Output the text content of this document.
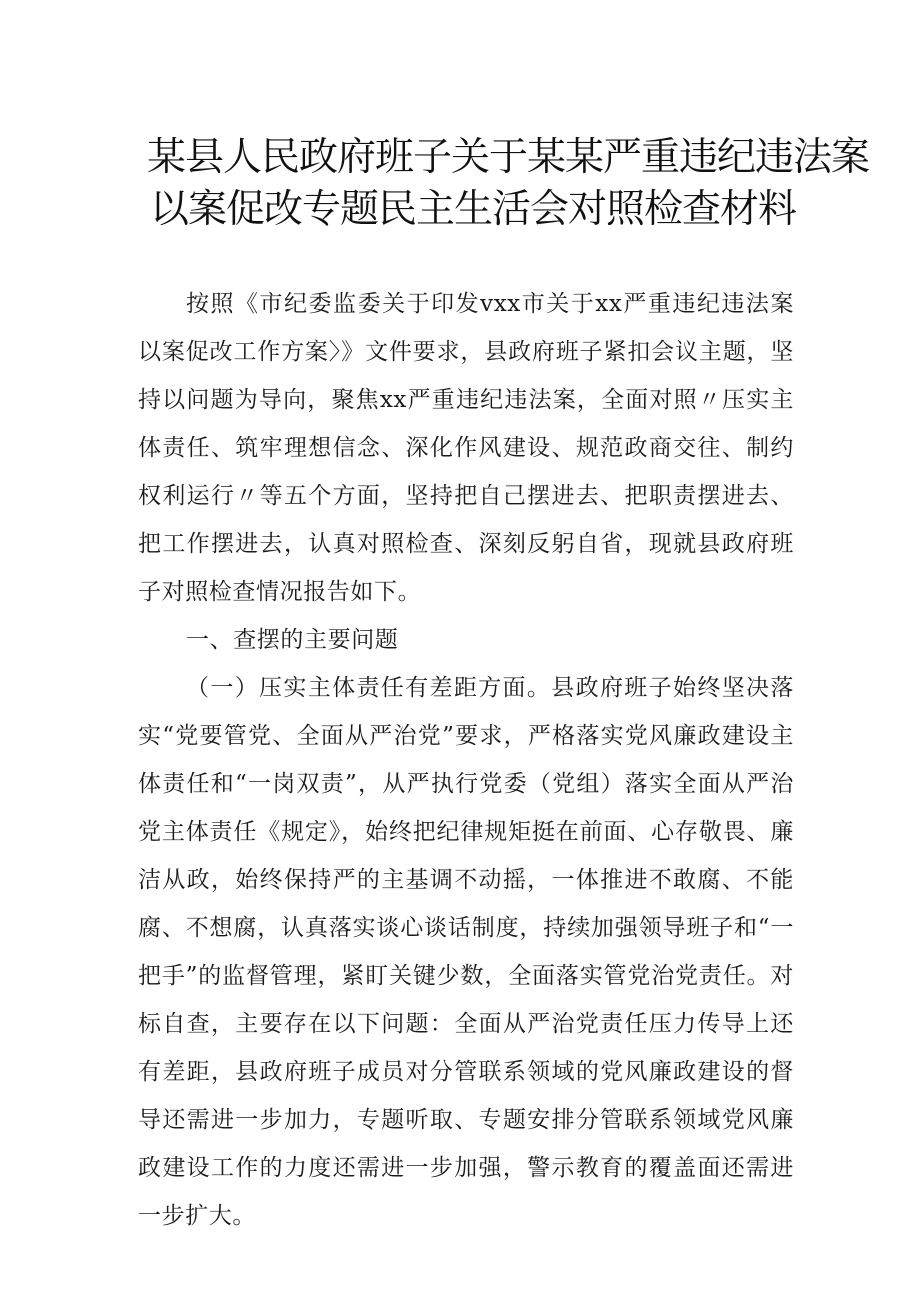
某县人民政府班子关于某某严重违纪违法案
以案促改专题民主生活会对照检查材料

按照《市纪委监委关于印发vxx市关于xx严重违纪违法案以案促改工作方案〉》文件要求，县政府班子紧扣会议主题，坚持以问题为导向，聚焦xx严重违纪违法案，全面对照〃压实主体责任、筑牢理想信念、深化作风建设、规范政商交往、制约权利运行〃等五个方面，坚持把自己摆进去、把职责摆进去、把工作摆进去，认真对照检查、深刻反躬自省，现就县政府班子对照检查情况报告如下。

一、查摆的主要问题

（一）压实主体责任有差距方面。县政府班子始终坚决落实“党要管党、全面从严治党”要求，严格落实党风廉政建设主体责任和“一岗双责”，从严执行党委（党组）落实全面从严治党主体责任《规定》，始终把纪律规矩挺在前面、心存敬畏、廉洁从政，始终保持严的主基调不动摇，一体推进不敢腐、不能腐、不想腐，认真落实谈心谈话制度，持续加强领导班子和“一把手”的监督管理，紧盯关键少数，全面落实管党治党责任。对标自查，主要存在以下问题：全面从严治党责任压力传导上还有差距，县政府班子成员对分管联系领域的党风廉政建设的督导还需进一步加力，专题听取、专题安排分管联系领域党风廉政建设工作的力度还需进一步加强，警示教育的覆盖面还需进一步扩大。
